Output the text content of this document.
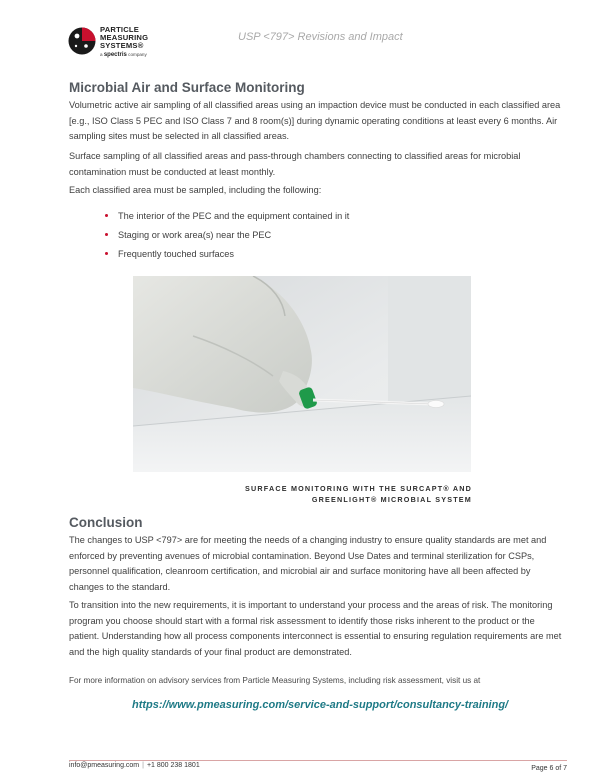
PARTICLE
MEASURING
SYSTEMS®
a spectris company
USP <797> Revisions and Impact
Microbial Air and Surface Monitoring

Volumetric active air sampling of all classified areas using an impaction device must be conducted in each classified area [e.g., ISO Class 5 PEC and ISO Class 7 and 8 room(s)] during dynamic operating conditions at least every 6 months. Air sampling sites must be selected in all classified areas.

Surface sampling of all classified areas and pass-through chambers connecting to classified areas for microbial contamination must be conducted at least monthly.

Each classified area must be sampled, including the following:

The interior of the PEC and the equipment contained in it
Staging or work area(s) near the PEC
Frequently touched surfaces
SURFACE MONITORING WITH THE SURCAPT® AND
GREENLIGHT® MICROBIAL SYSTEM
Conclusion

The changes to USP <797> are for meeting the needs of a changing industry to ensure quality standards are met and enforced by preventing avenues of microbial contamination. Beyond Use Dates and terminal sterilization for CSPs, personnel qualification, cleanroom certification, and microbial air and surface monitoring have all been affected by changes to the standard.

To transition into the new requirements, it is important to understand your process and the areas of risk. The monitoring program you choose should start with a formal risk assessment to identify those risks inherent to the product or the patient. Understanding how all process components interconnect is essential to ensuring regulation requirements are met and the high quality standards of your final product are demonstrated.

For more information on advisory services from Particle Measuring Systems, including risk assessment, visit us at
https://www.pmeasuring.com/service-and-support/consultancy-training/
info@pmeasuring.com | +1 800 238 1801	Page 6 of 7
